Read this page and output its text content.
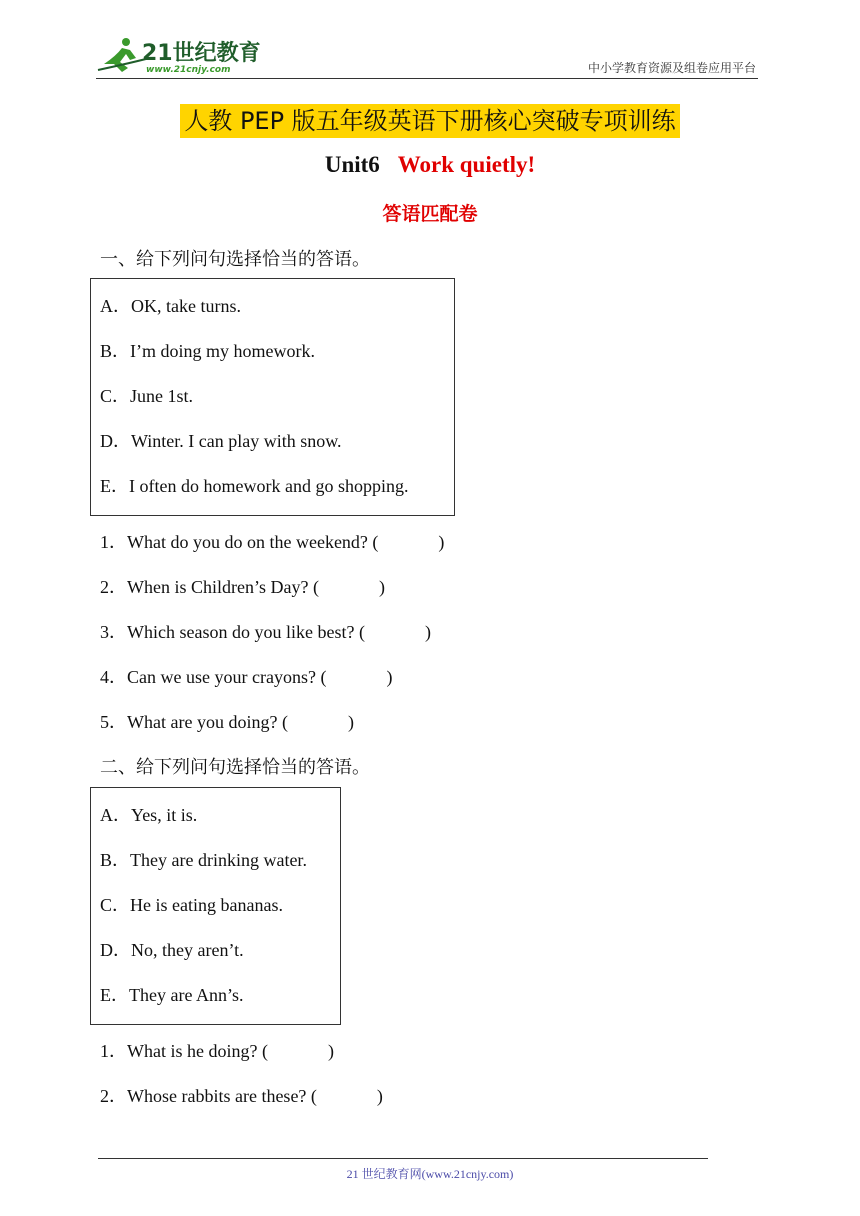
21世纪教育
www.21cnjy.com	中小学教育资源及组卷应用平台
人教 PEP 版五年级英语下册核心突破专项训练
Unit6 Work quietly!
答语匹配卷
一、给下列问句选择恰当的答语。
A．OK, take turns.
B．I’m doing my homework.
C．June 1st.
D．Winter. I can play with snow.
E．I often do homework and go shopping.
1．What do you do on the weekend? (	)
2．When is Children’s Day? (	)
3．Which season do you like best? (	)
4．Can we use your crayons? (	)
5．What are you doing? (	)
二、给下列问句选择恰当的答语。
A．Yes, it is.
B．They are drinking water.
C．He is eating bananas.
D．No, they aren’t.
E．They are Ann’s.
1．What is he doing? (	)
2．Whose rabbits are these? (	)
21 世纪教育网(www.21cnjy.com)
